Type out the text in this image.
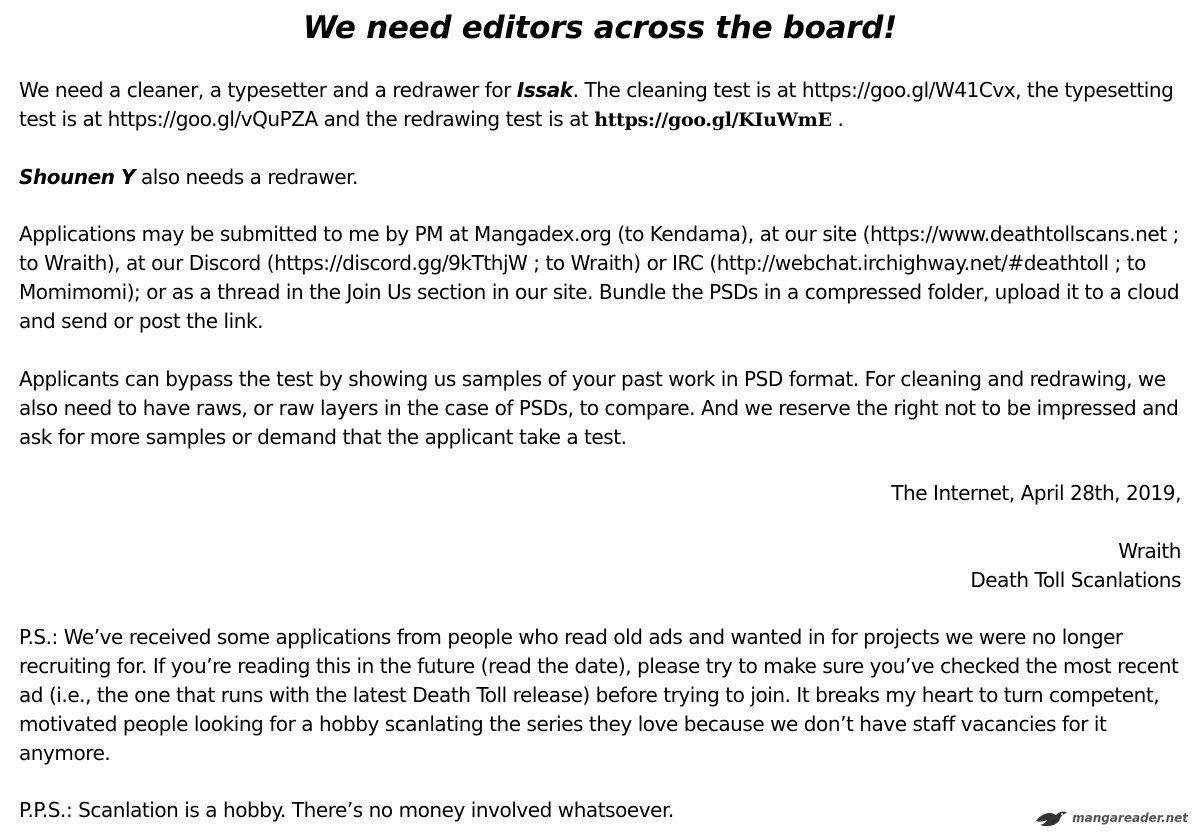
We need editors across the board!

We need a cleaner, a typesetter and a redrawer for Issak. The cleaning test is at https://goo.gl/W41Cvx, the typesetting test is at https://goo.gl/vQuPZA and the redrawing test is at https://goo.gl/KIuWmE .

Shounen Y also needs a redrawer.

Applications may be submitted to me by PM at Mangadex.org (to Kendama), at our site (https://www.deathtollscans.net ; to Wraith), at our Discord (https://discord.gg/9kTthjW ; to Wraith) or IRC (http://webchat.irchighway.net/#deathtoll ; to Momimomi); or as a thread in the Join Us section in our site. Bundle the PSDs in a compressed folder, upload it to a cloud and send or post the link.

Applicants can bypass the test by showing us samples of your past work in PSD format. For cleaning and redrawing, we also need to have raws, or raw layers in the case of PSDs, to compare. And we reserve the right not to be impressed and ask for more samples or demand that the applicant take a test.

The Internet, April 28th, 2019,

Wraith
Death Toll Scanlations

P.S.: We’ve received some applications from people who read old ads and wanted in for projects we were no longer recruiting for. If you’re reading this in the future (read the date), please try to make sure you’ve checked the most recent ad (i.e., the one that runs with the latest Death Toll release) before trying to join. It breaks my heart to turn competent, motivated people looking for a hobby scanlating the series they love because we don’t have staff vacancies for it anymore.

P.P.S.: Scanlation is a hobby. There’s no money involved whatsoever.	mangareader.net
